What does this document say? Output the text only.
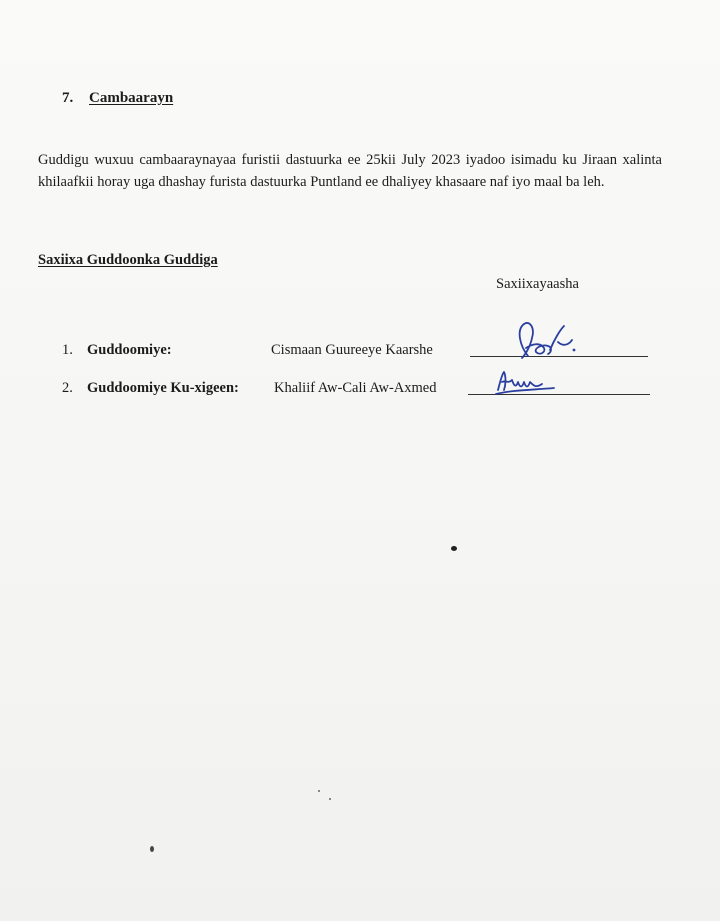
7. Cambaarayn
Guddigu wuxuu cambaaraynayaa furistii dastuurka ee 25kii July 2023 iyadoo isimadu ku Jiraan xalinta khilaafkii horay uga dhashay furista dastuurka Puntland ee dhaliyey khasaare naf iyo maal ba leh.
Saxiixa Guddoonka Guddiga
Saxiixayaasha
1. Guddoomiye:	Cismaan Guureeye Kaarshe
2. Guddoomiye Ku-xigeen: Khaliif Aw-Cali Aw-Axmed
